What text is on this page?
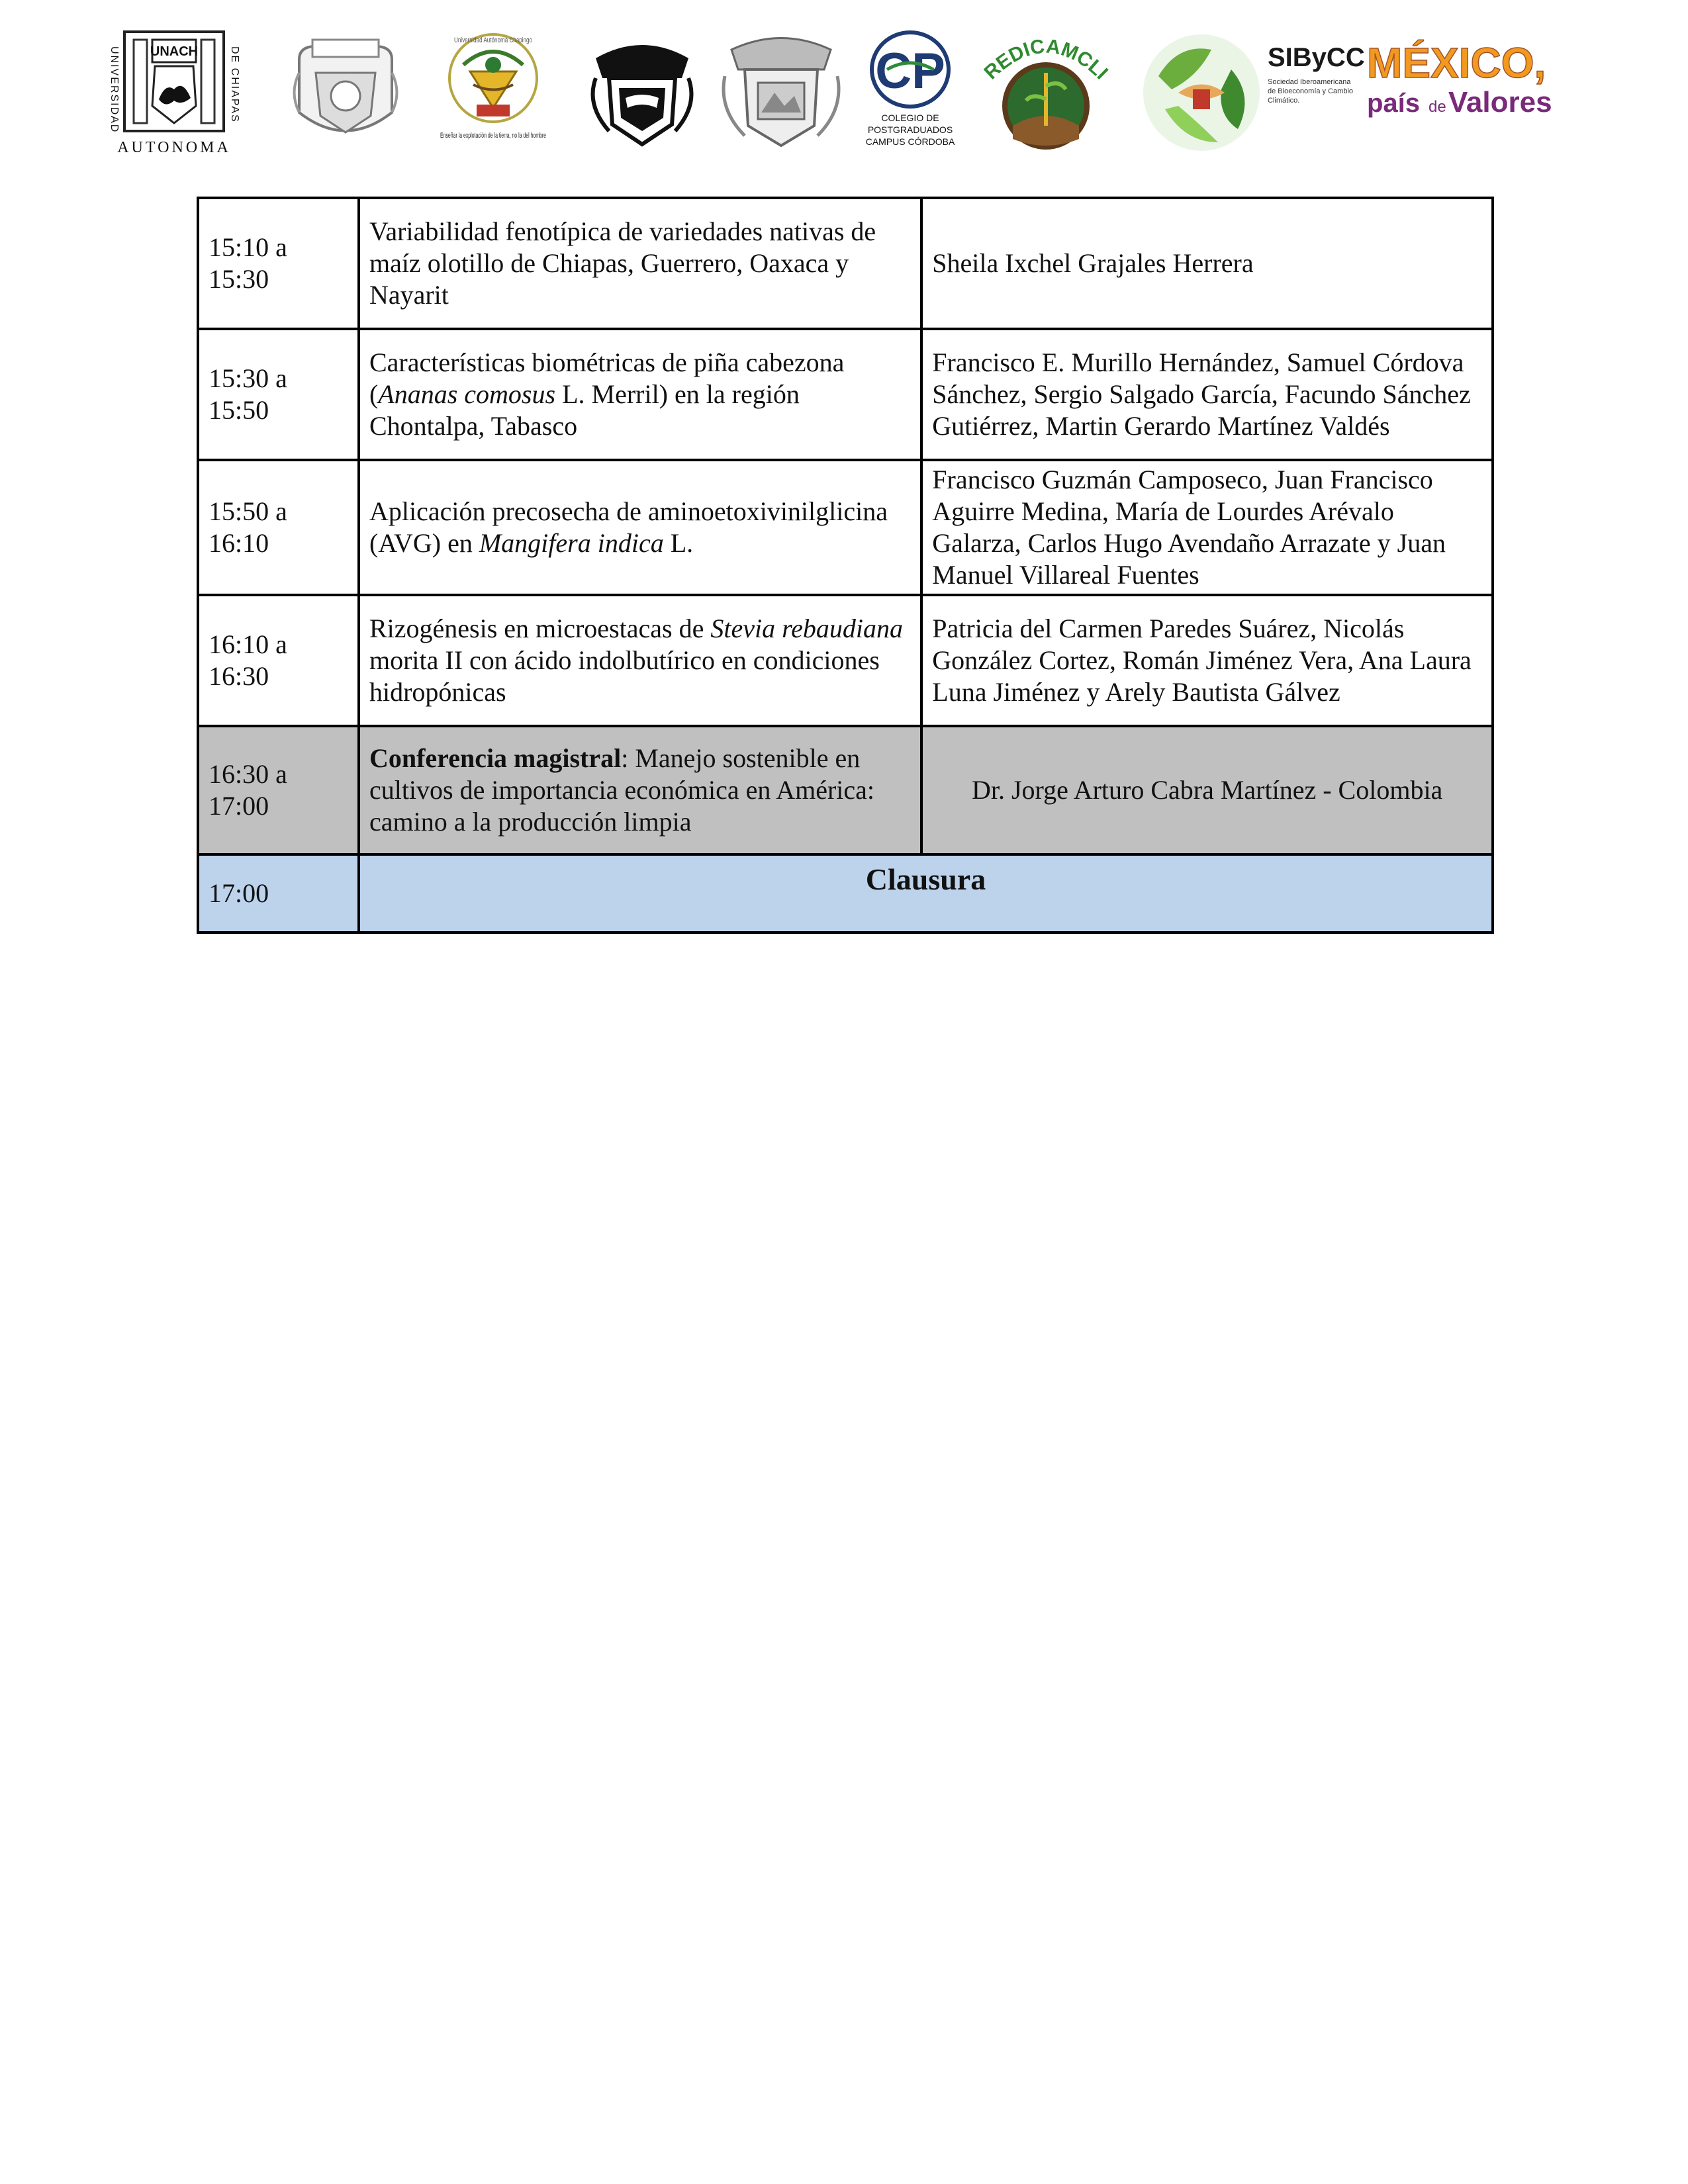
UNACH
AUTONOMA
UNIVERSIDAD	DE CHIAPAS
Enseñar la explotación de la tierra, no la del hombre
Universidad Autónoma Chapingo
CP
COLEGIO DE
POSTGRADUADOS
CAMPUS CÓRDOBA
REDICAMCLI
SIByCC
Sociedad Iberoamericana
de Bioeconomía y Cambio
Climático.
MÉXICO,
país de Valores
15:10 a 15:30	Variabilidad fenotípica de variedades nativas de maíz olotillo de Chiapas, Guerrero, Oaxaca y Nayarit	Sheila Ixchel Grajales Herrera
15:30 a 15:50	Características biométricas de piña cabezona (Ananas comosus L. Merril) en la región Chontalpa, Tabasco	Francisco E. Murillo Hernández, Samuel Córdova Sánchez, Sergio Salgado García, Facundo Sánchez Gutiérrez, Martin Gerardo Martínez Valdés
15:50 a 16:10	Aplicación precosecha de aminoetoxivinilglicina (AVG) en Mangifera indica L.	Francisco Guzmán Camposeco, Juan Francisco Aguirre Medina, María de Lourdes Arévalo Galarza, Carlos Hugo Avendaño Arrazate y Juan Manuel Villareal Fuentes
16:10 a 16:30	Rizogénesis en microestacas de Stevia rebaudiana morita II con ácido indolbutírico en condiciones hidropónicas	Patricia del Carmen Paredes Suárez, Nicolás González Cortez, Román Jiménez Vera, Ana Laura Luna Jiménez y Arely Bautista Gálvez
16:30 a 17:00	Conferencia magistral: Manejo sostenible en cultivos de importancia económica en América: camino a la producción limpia	Dr. Jorge Arturo Cabra Martínez - Colombia
17:00	Clausura	
